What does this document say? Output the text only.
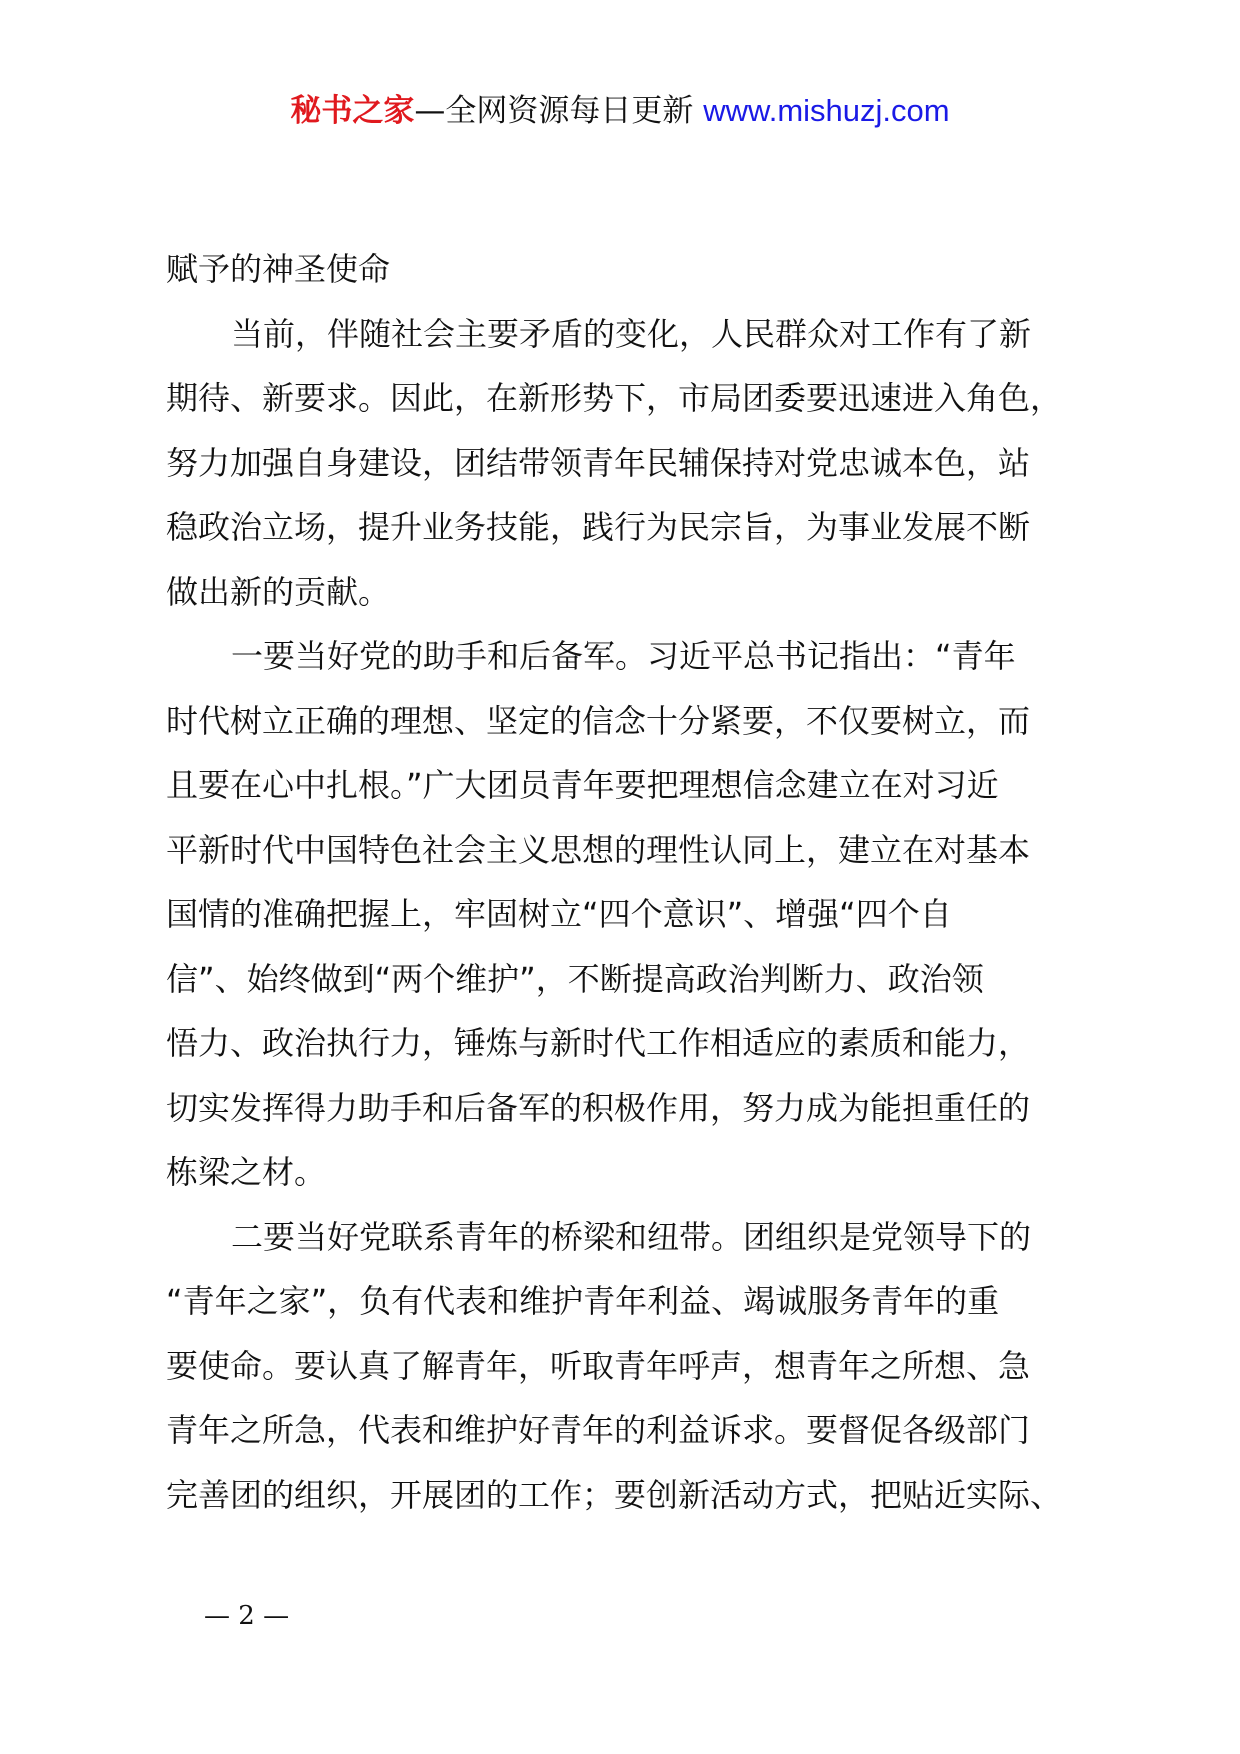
秘书之家—全网资源每日更新 www.mishuzj.com
赋予的神圣使命
当前，伴随社会主要矛盾的变化，人民群众对工作有了新
期待、新要求。因此，在新形势下，市局团委要迅速进入角色，
努力加强自身建设，团结带领青年民辅保持对党忠诚本色，站
稳政治立场，提升业务技能，践行为民宗旨，为事业发展不断
做出新的贡献。
一要当好党的助手和后备军。习近平总书记指出：“青年
时代树立正确的理想、坚定的信念十分紧要，不仅要树立，而
且要在心中扎根。”广大团员青年要把理想信念建立在对习近
平新时代中国特色社会主义思想的理性认同上，建立在对基本
国情的准确把握上，牢固树立“四个意识”、增强“四个自
信”、始终做到“两个维护”，不断提高政治判断力、政治领
悟力、政治执行力，锤炼与新时代工作相适应的素质和能力，
切实发挥得力助手和后备军的积极作用，努力成为能担重任的
栋梁之材。
二要当好党联系青年的桥梁和纽带。团组织是党领导下的
“青年之家”，负有代表和维护青年利益、竭诚服务青年的重
要使命。要认真了解青年，听取青年呼声，想青年之所想、急
青年之所急，代表和维护好青年的利益诉求。要督促各级部门
完善团的组织，开展团的工作；要创新活动方式，把贴近实际、
— 2 —
